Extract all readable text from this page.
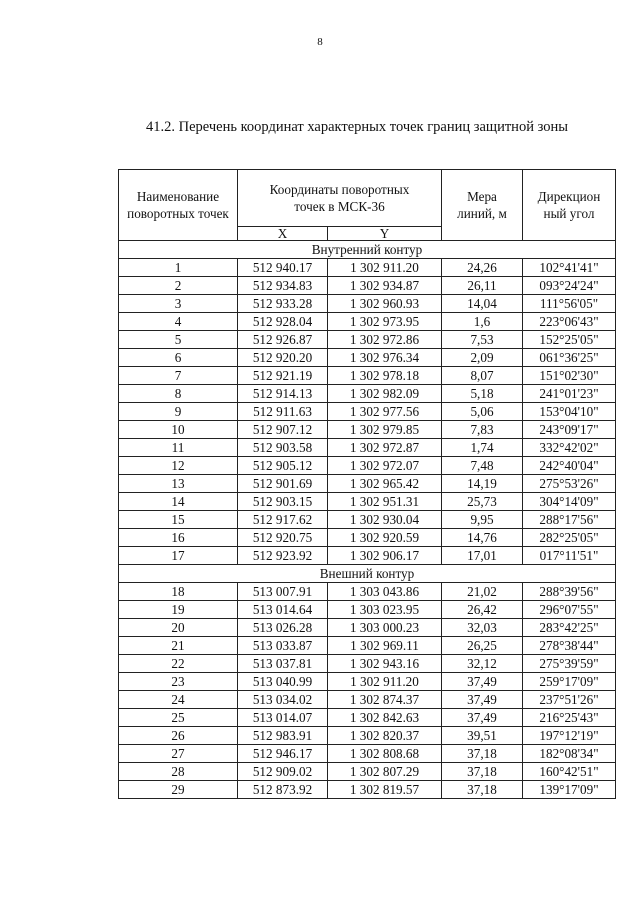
8
41.2. Перечень координат характерных точек границ защитной зоны
Наименование поворотных точек	Координаты поворотных точек в МСК-36		Мера линий, м	Дирекцион ный угол
	X	Y		
Внутренний контур				
1	512 940.17	1 302 911.20	24,26	102°41'41"
2	512 934.83	1 302 934.87	26,11	093°24'24"
3	512 933.28	1 302 960.93	14,04	111°56'05"
4	512 928.04	1 302 973.95	1,6	223°06'43"
5	512 926.87	1 302 972.86	7,53	152°25'05"
6	512 920.20	1 302 976.34	2,09	061°36'25"
7	512 921.19	1 302 978.18	8,07	151°02'30"
8	512 914.13	1 302 982.09	5,18	241°01'23"
9	512 911.63	1 302 977.56	5,06	153°04'10"
10	512 907.12	1 302 979.85	7,83	243°09'17"
11	512 903.58	1 302 972.87	1,74	332°42'02"
12	512 905.12	1 302 972.07	7,48	242°40'04"
13	512 901.69	1 302 965.42	14,19	275°53'26"
14	512 903.15	1 302 951.31	25,73	304°14'09"
15	512 917.62	1 302 930.04	9,95	288°17'56"
16	512 920.75	1 302 920.59	14,76	282°25'05"
17	512 923.92	1 302 906.17	17,01	017°11'51"
Внешний контур				
18	513 007.91	1 303 043.86	21,02	288°39'56"
19	513 014.64	1 303 023.95	26,42	296°07'55"
20	513 026.28	1 303 000.23	32,03	283°42'25"
21	513 033.87	1 302 969.11	26,25	278°38'44"
22	513 037.81	1 302 943.16	32,12	275°39'59"
23	513 040.99	1 302 911.20	37,49	259°17'09"
24	513 034.02	1 302 874.37	37,49	237°51'26"
25	513 014.07	1 302 842.63	37,49	216°25'43"
26	512 983.91	1 302 820.37	39,51	197°12'19"
27	512 946.17	1 302 808.68	37,18	182°08'34"
28	512 909.02	1 302 807.29	37,18	160°42'51"
29	512 873.92	1 302 819.57	37,18	139°17'09"
